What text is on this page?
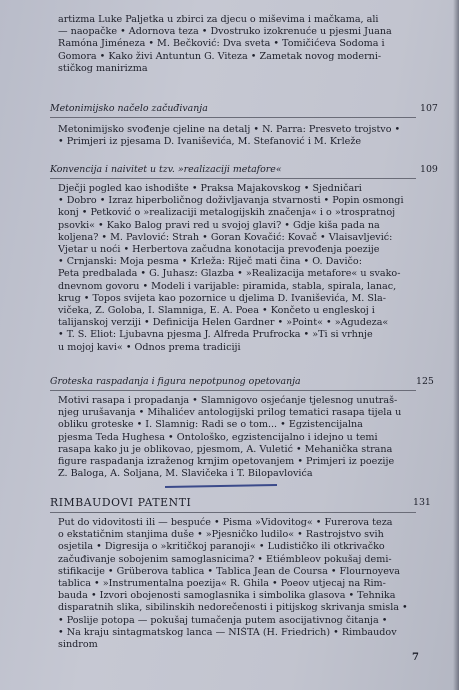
artizma Luke Paljetka u zbirci za djecu o miševima i mačkama, ali
— naopačke • Adornova teza • Dvostruko izokrenuće u pjesmi Juana
Ramóna Jiméneza • M. Bečković: Dva sveta • Tomičićeva Sodoma i
Gomora • Kako živi Antuntun G. Viteza • Zametak novog moderni-
stičkog manirizma
Metonimijsko načelo začuđivanja	107
Metonimijsko svođenje cjeline na detalj • N. Parra: Presveto trojstvo •
• Primjeri iz pjesama D. Ivaniševića, M. Stefanović i M. Krleže
Konvencija i naivitet u tzv. »realizaciji metafore«	109
Dječji pogled kao ishodište • Praksa Majakovskog • Sjedničari
• Dobro • Izraz hiperboličnog doživljavanja stvarnosti • Popin osmongi
konj • Petković o »realizaciji metalogijskih značenja« i o »trospratnoj
psovki« • Kako Balog pravi red u svojoj glavi? • Gdje kiša pada na
koljena? • M. Pavlović: Strah • Goran Kovačić: Kovač • Vlaisavljević:
Vjetar u noći • Herbertova začudna konotacija prevođenja poezije
• Crnjanski: Moja pesma • Krleža: Riječ mati čina • O. Davičo:
Peta predbalada • G. Juhasz: Glazba • »Realizacija metafore« u svako-
dnevnom govoru • Modeli i varijable: piramida, stabla, spirala, lanac,
krug • Topos svijeta kao pozornice u djelima D. Ivaniševića, M. Sla-
vičeka, Z. Goloba, I. Slamniga, E. A. Poea • Končeto u engleskoj i
talijanskoj verziji • Definicija Helen Gardner • »Point« • »Agudeza«
• T. S. Eliot: Ljubavna pjesma J. Alfreda Prufrocka • »Ti si vrhnje
u mojoj kavi« • Odnos prema tradiciji
Groteska raspadanja i figura nepotpunog opetovanja	125
Motivi rasapa i propadanja • Slamnigovo osjećanje tjelesnog unutraš-
njeg urušavanja • Mihalićev antologijski prilog tematici rasapa tijela u
obliku groteske • I. Slamnig: Radi se o tom... • Egzistencijalna
pjesma Teda Hughesa • Ontološko, egzistencijalno i idejno u temi
rasapa kako ju je oblikovao, pjesmom, A. Vuletić • Mehanička strana
figure raspadanja izraženog krnjim opetovanjem • Primjeri iz poezije
Z. Baloga, A. Šoljana, M. Slavičeka i T. Bilopavlovića
RIMBAUDOVI PATENTI	131
Put do vidovitosti ili — bespuće • Pisma »Vidovitog« • Furerova teza
o ekstatičnim stanjima duše • »Pjesničko ludilo« • Rastrojstvo svih
osjetila • Digresija o »kritičkoj paranoji« • Ludističko ili otkrivačko
začuđivanje sobojenim samoglasnicima? • Etiémbleov pokušaj demi-
stifikacije • Grüberova tablica • Tablica Jean de Coursa • Flournoyeva
tablica • »Instrumentalna poezija« R. Ghila • Poeov utjecaj na Rim-
bauda • Izvori obojenosti samoglasnika i simbolika glasova • Tehnika
disparatnih slika, sibilinskih nedorečenosti i pitijskog skrivanja smisla •
• Poslije potopa — pokušaj tumačenja putem asocijativnog čitanja •
• Na kraju sintagmatskog lanca — NIŠTA (H. Friedrich) • Rimbaudov
sindrom
7
